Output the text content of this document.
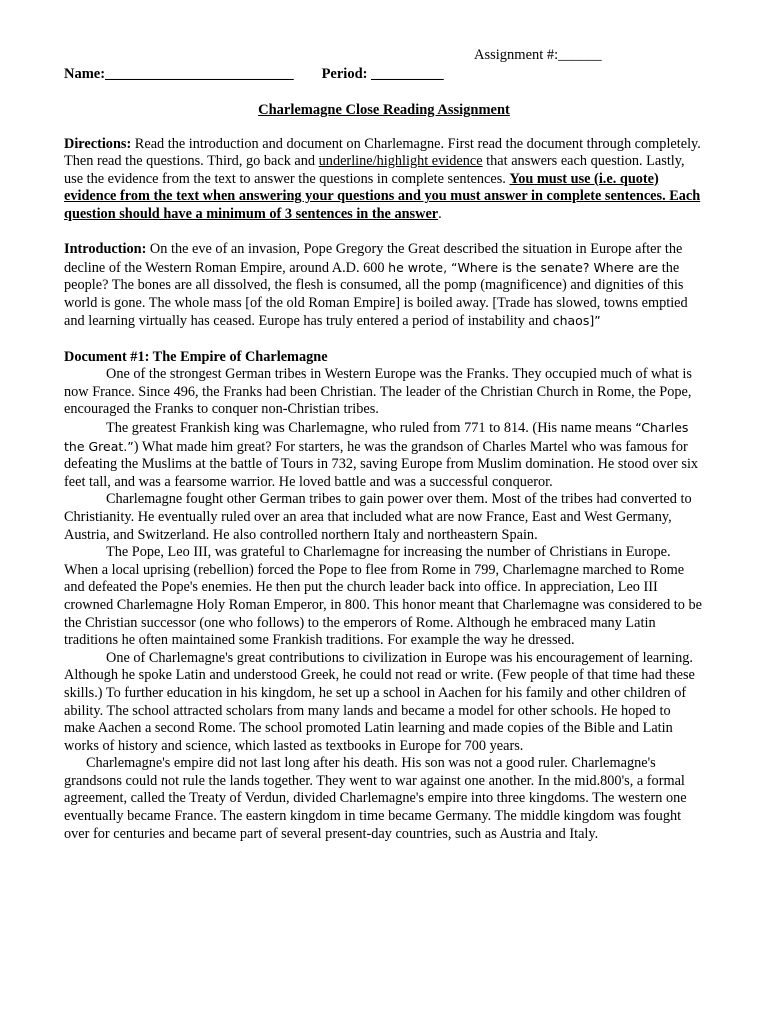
Assignment #:______
Name:__________________________ Period: __________
Charlemagne Close Reading Assignment

Directions: Read the introduction and document on Charlemagne. First read the document through completely. Then read the questions. Third, go back and underline/highlight evidence that answers each question. Lastly, use the evidence from the text to answer the questions in complete sentences. You must use (i.e. quote) evidence from the text when answering your questions and you must answer in complete sentences. Each question should have a minimum of 3 sentences in the answer.

Introduction: On the eve of an invasion, Pope Gregory the Great described the situation in Europe after the decline of the Western Roman Empire, around A.D. 600 he wrote, “Where is the senate? Where are the people? The bones are all dissolved, the flesh is consumed, all the pomp (magnificence) and dignities of this world is gone. The whole mass [of the old Roman Empire] is boiled away. [Trade has slowed, towns emptied and learning virtually has ceased. Europe has truly entered a period of instability and chaos]”

Document #1: The Empire of Charlemagne

One of the strongest German tribes in Western Europe was the Franks. They occupied much of what is now France. Since 496, the Franks had been Christian. The leader of the Christian Church in Rome, the Pope, encouraged the Franks to conquer non-Christian tribes.

The greatest Frankish king was Charlemagne, who ruled from 771 to 814. (His name means “Charles the Great.”) What made him great? For starters, he was the grandson of Charles Martel who was famous for defeating the Muslims at the battle of Tours in 732, saving Europe from Muslim domination. He stood over six feet tall, and was a fearsome warrior. He loved battle and was a successful conqueror.

Charlemagne fought other German tribes to gain power over them. Most of the tribes had converted to Christianity. He eventually ruled over an area that included what are now France, East and West Germany, Austria, and Switzerland. He also controlled northern Italy and northeastern Spain.

The Pope, Leo III, was grateful to Charlemagne for increasing the number of Christians in Europe. When a local uprising (rebellion) forced the Pope to flee from Rome in 799, Charlemagne marched to Rome and defeated the Pope's enemies. He then put the church leader back into office. In appreciation, Leo III crowned Charlemagne Holy Roman Emperor, in 800. This honor meant that Charlemagne was considered to be the Christian successor (one who follows) to the emperors of Rome. Although he embraced many Latin traditions he often maintained some Frankish traditions. For example the way he dressed.

One of Charlemagne's great contributions to civilization in Europe was his encouragement of learning. Although he spoke Latin and understood Greek, he could not read or write. (Few people of that time had these skills.) To further education in his kingdom, he set up a school in Aachen for his family and other children of ability. The school attracted scholars from many lands and became a model for other schools. He hoped to make Aachen a second Rome. The school promoted Latin learning and made copies of the Bible and Latin works of history and science, which lasted as textbooks in Europe for 700 years.

Charlemagne's empire did not last long after his death. His son was not a good ruler. Charlemagne's grandsons could not rule the lands together. They went to war against one another. In the mid.800's, a formal agreement, called the Treaty of Verdun, divided Charlemagne's empire into three kingdoms. The western one eventually became France. The eastern kingdom in time became Germany. The middle kingdom was fought over for centuries and became part of several present-day countries, such as Austria and Italy.
